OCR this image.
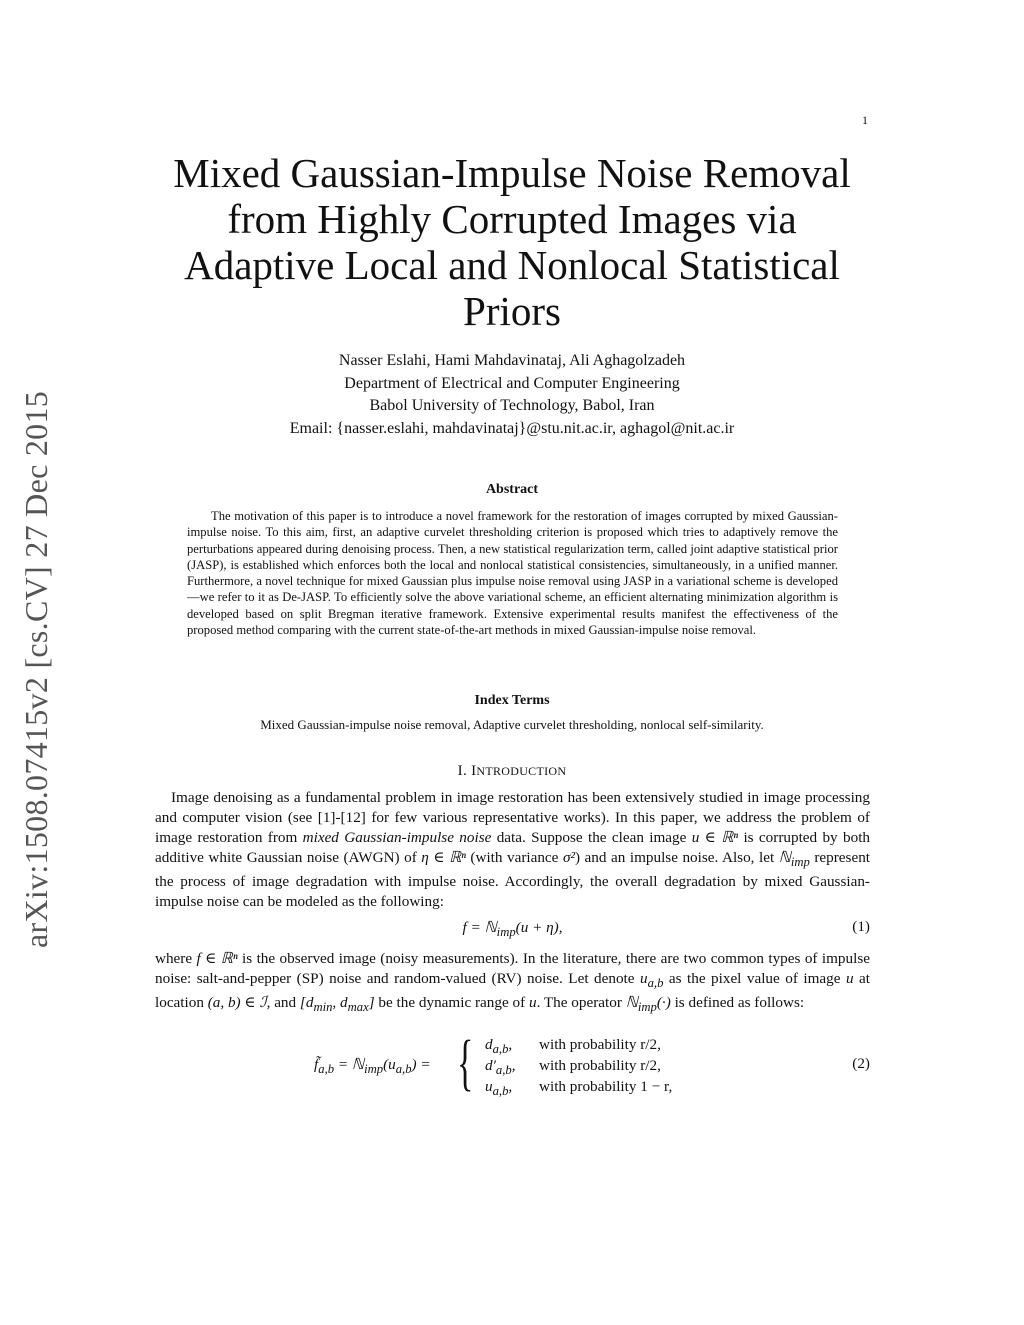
1
arXiv:1508.07415v2 [cs.CV] 27 Dec 2015
Mixed Gaussian-Impulse Noise Removal
from Highly Corrupted Images via
Adaptive Local and Nonlocal Statistical
Priors
Nasser Eslahi, Hami Mahdavinataj, Ali Aghagolzadeh
Department of Electrical and Computer Engineering
Babol University of Technology, Babol, Iran
Email: {nasser.eslahi, mahdavinataj}@stu.nit.ac.ir, aghagol@nit.ac.ir
Abstract

The motivation of this paper is to introduce a novel framework for the restoration of images corrupted by mixed Gaussian-impulse noise. To this aim, first, an adaptive curvelet thresholding criterion is proposed which tries to adaptively remove the perturbations appeared during denoising process. Then, a new statistical regularization term, called joint adaptive statistical prior (JASP), is established which enforces both the local and nonlocal statistical consistencies, simultaneously, in a unified manner. Furthermore, a novel technique for mixed Gaussian plus impulse noise removal using JASP in a variational scheme is developed—we refer to it as De-JASP. To efficiently solve the above variational scheme, an efficient alternating minimization algorithm is developed based on split Bregman iterative framework. Extensive experimental results manifest the effectiveness of the proposed method comparing with the current state-of-the-art methods in mixed Gaussian-impulse noise removal.

Index Terms
Mixed Gaussian-impulse noise removal, Adaptive curvelet thresholding, nonlocal self-similarity.
I. INTRODUCTION

Image denoising as a fundamental problem in image restoration has been extensively studied in image processing and computer vision (see [1]-[12] for few various representative works). In this paper, we address the problem of image restoration from mixed Gaussian-impulse noise data. Suppose the clean image u ∈ ℝⁿ is corrupted by both additive white Gaussian noise (AWGN) of η ∈ ℝⁿ (with variance σ²) and an impulse noise. Also, let ℕ$_{imp}$ represent the process of image degradation with impulse noise. Accordingly, the overall degradation by mixed Gaussian-impulse noise can be modeled as the following:

f = ℕ$_{imp}$(u + η),	(1)

where f ∈ ℝⁿ is the observed image (noisy measurements). In the literature, there are two common types of impulse noise: salt-and-pepper (SP) noise and random-valued (RV) noise. Let denote $u_{a,b}$ as the pixel value of image u at location (a, b) ∈ ℐ, and [$d_{min}$, $d_{max}$] be the dynamic range of u. The operator ℕ$_{imp}$(·) is defined as follows:

$f̃_{a,b}$ = $ℕ_{imp}(u_{a,b})$ = { $d_{a,b}$, with probability r/2,
$d'_{a,b}$, with probability r/2,
$u_{a,b}$, with probability 1 − r,
(2)
